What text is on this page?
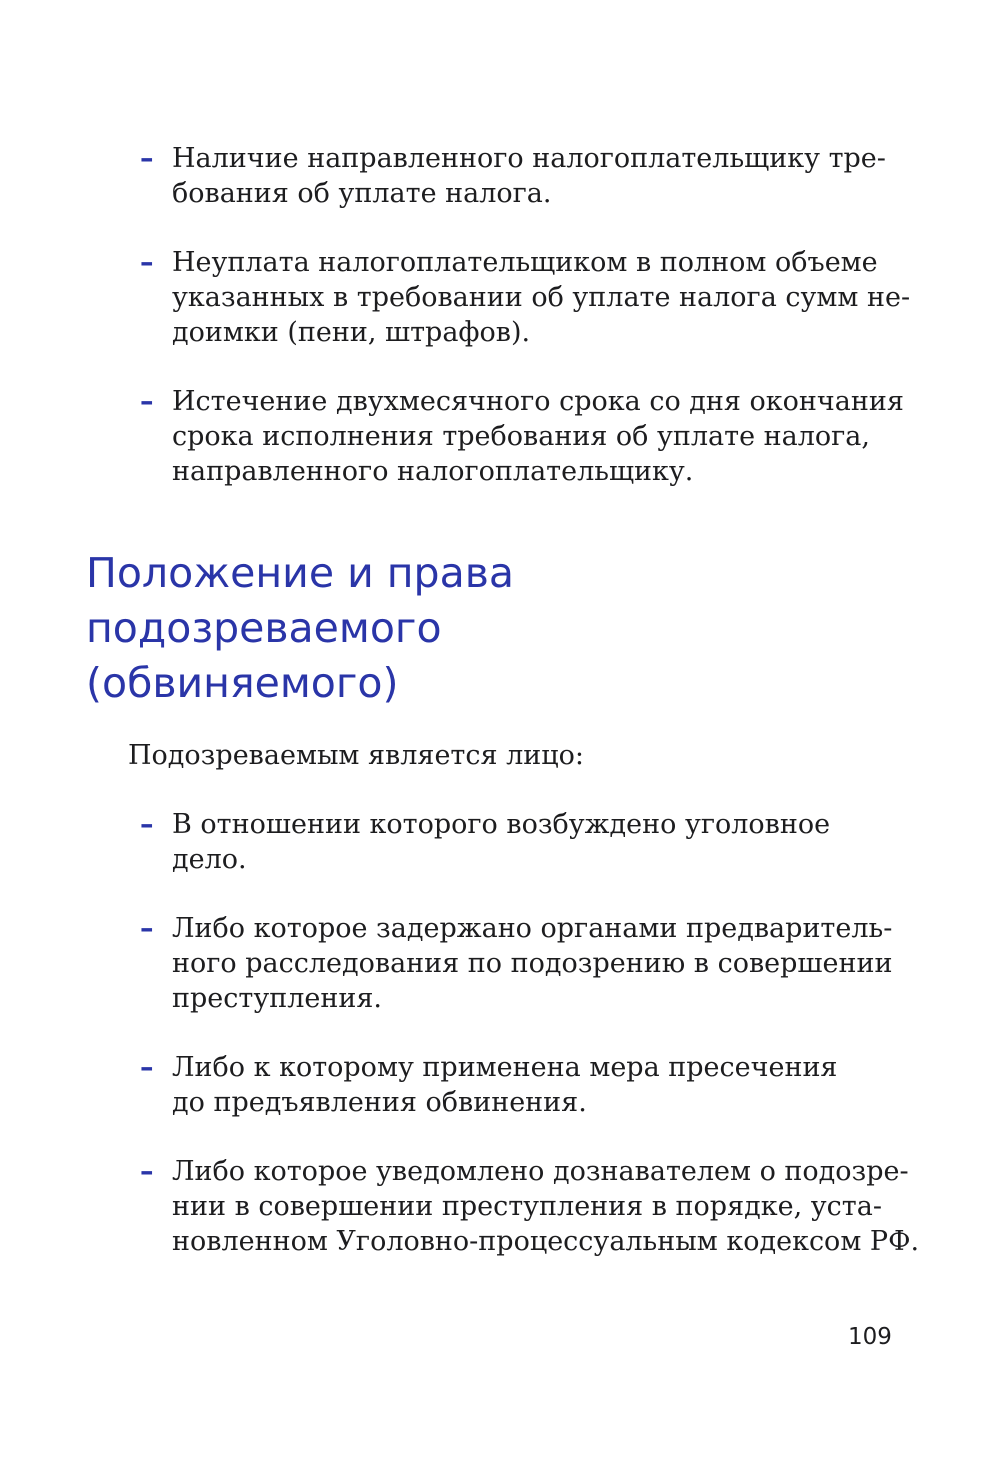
– Наличие направленного налогоплательщику тре-
бования об уплате налога.
– Неуплата налогоплательщиком в полном объеме
указанных в требовании об уплате налога сумм не-
доимки (пени, штрафов).
– Истечение двухмесячного срока со дня окончания
срока исполнения требования об уплате налога,
направленного налогоплательщику.
Положение и права
подозреваемого
(обвиняемого)

Подозреваемым является лицо:

– В отношении которого возбуждено уголовное
дело.
– Либо которое задержано органами предваритель-
ного расследования по подозрению в совершении
преступления.
– Либо к которому применена мера пресечения
до предъявления обвинения.
– Либо которое уведомлено дознавателем о подозре-
нии в совершении преступления в порядке, уста-
новленном Уголовно-процессуальным кодексом РФ.
109
